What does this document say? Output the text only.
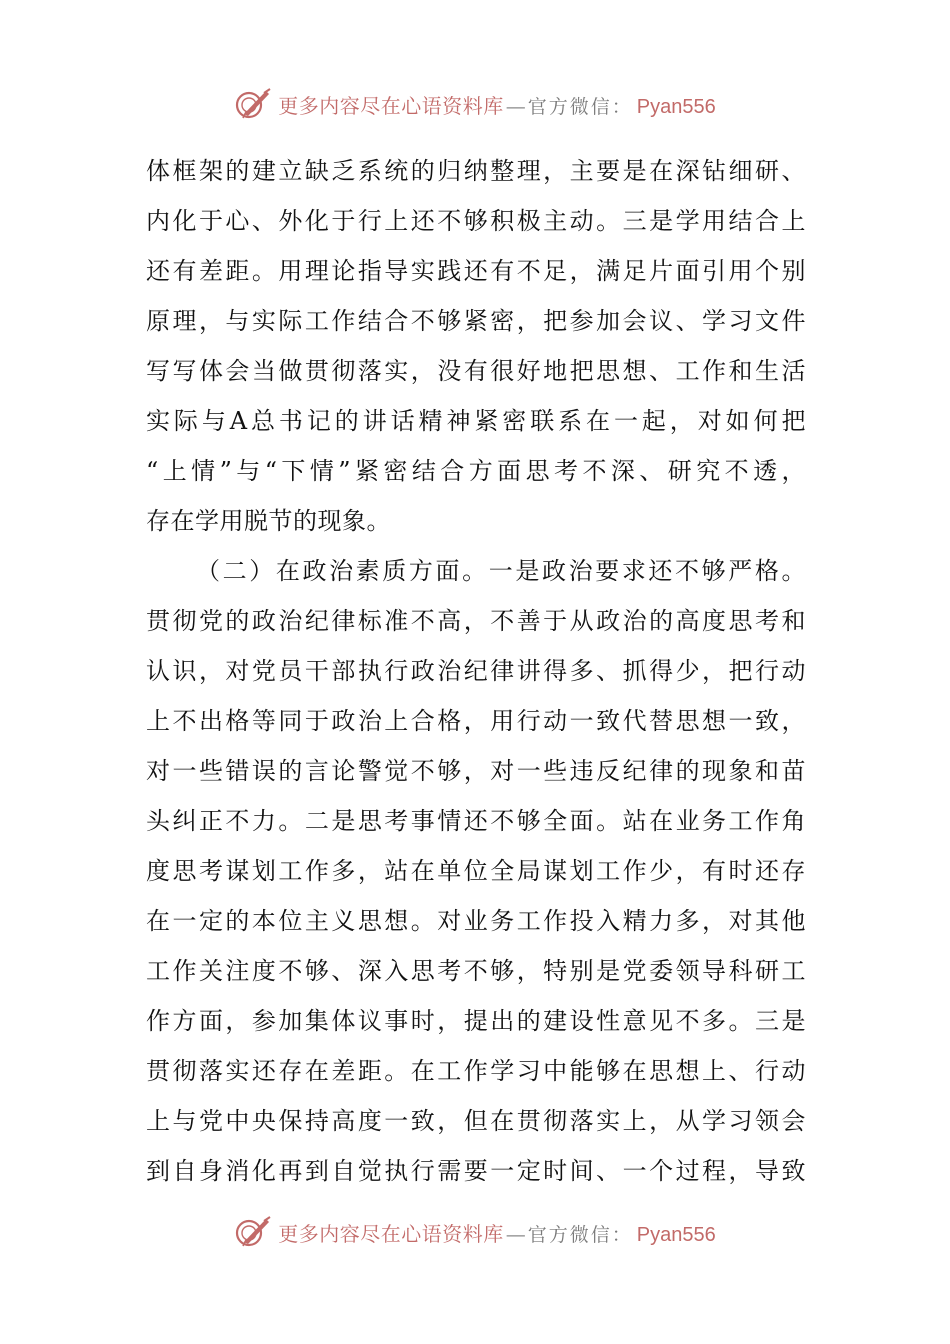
更多内容尽在心语资料库 — 官方微信： Pyan556
体框架的建立缺乏系统的归纳整理，主要是在深钻细研、
内化于心、外化于行上还不够积极主动。三是学用结合上
还有差距。用理论指导实践还有不足，满足片面引用个别
原理，与实际工作结合不够紧密，把参加会议、学习文件
写写体会当做贯彻落实，没有很好地把思想、工作和生活
实际与A总书记的讲话精神紧密联系在一起，对如何把
“上情”与“下情”紧密结合方面思考不深、研究不透，
存在学用脱节的现象。
（二）在政治素质方面。一是政治要求还不够严格。
贯彻党的政治纪律标准不高，不善于从政治的高度思考和
认识，对党员干部执行政治纪律讲得多、抓得少，把行动
上不出格等同于政治上合格，用行动一致代替思想一致，
对一些错误的言论警觉不够，对一些违反纪律的现象和苗
头纠正不力。二是思考事情还不够全面。站在业务工作角
度思考谋划工作多，站在单位全局谋划工作少，有时还存
在一定的本位主义思想。对业务工作投入精力多，对其他
工作关注度不够、深入思考不够，特别是党委领导科研工
作方面，参加集体议事时，提出的建设性意见不多。三是
贯彻落实还存在差距。在工作学习中能够在思想上、行动
上与党中央保持高度一致，但在贯彻落实上，从学习领会
到自身消化再到自觉执行需要一定时间、一个过程，导致
更多内容尽在心语资料库 — 官方微信： Pyan556
